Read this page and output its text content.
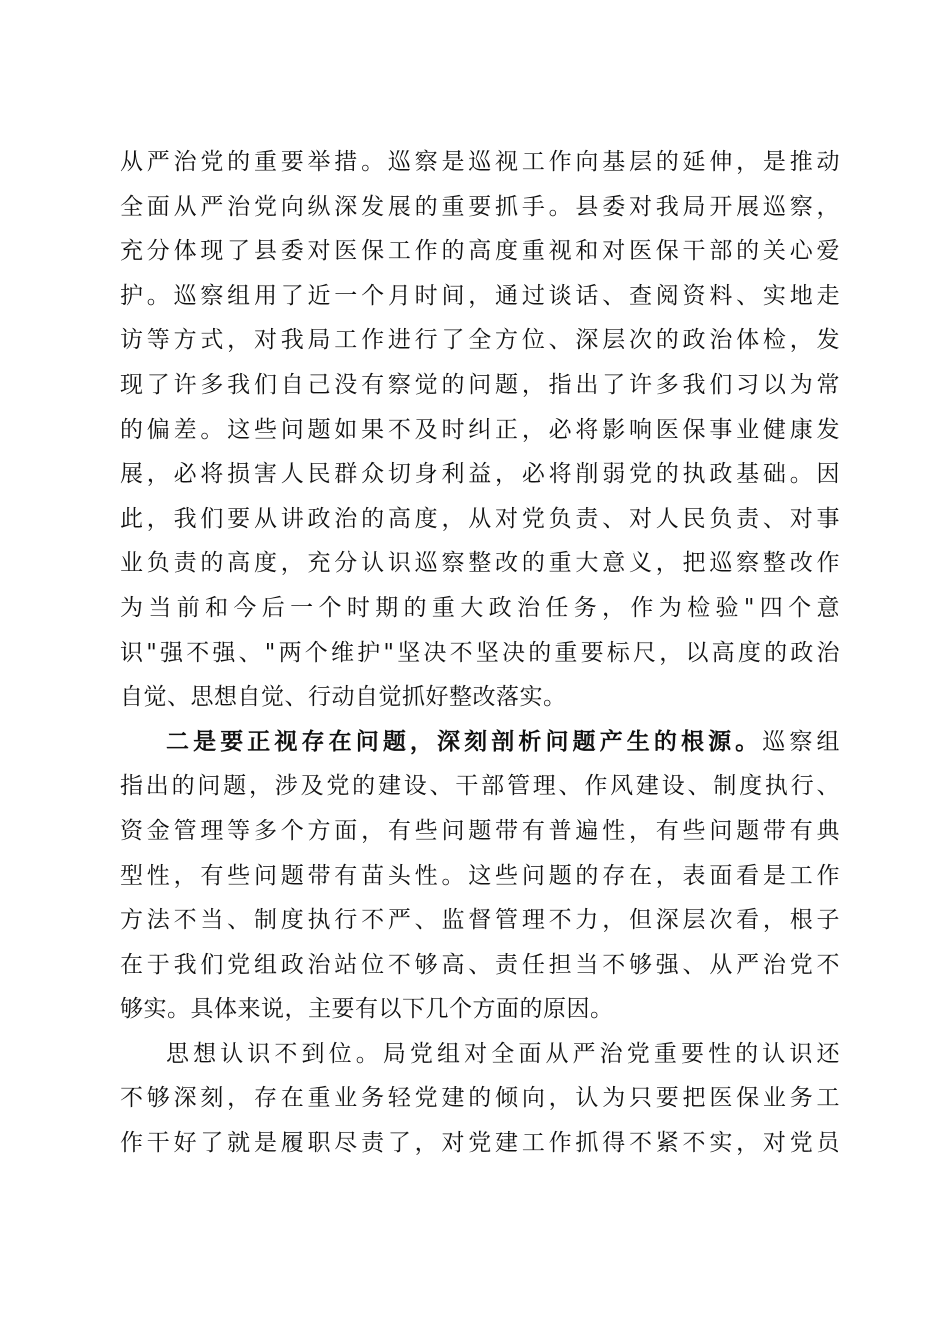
从严治党的重要举措。巡察是巡视工作向基层的延伸，是推动
全面从严治党向纵深发展的重要抓手。县委对我局开展巡察，
充分体现了县委对医保工作的高度重视和对医保干部的关心爱
护。巡察组用了近一个月时间，通过谈话、查阅资料、实地走
访等方式，对我局工作进行了全方位、深层次的政治体检，发
现了许多我们自己没有察觉的问题，指出了许多我们习以为常
的偏差。这些问题如果不及时纠正，必将影响医保事业健康发
展，必将损害人民群众切身利益，必将削弱党的执政基础。因
此，我们要从讲政治的高度，从对党负责、对人民负责、对事
业负责的高度，充分认识巡察整改的重大意义，把巡察整改作
为当前和今后一个时期的重大政治任务，作为检验"四个意
识"强不强、"两个维护"坚决不坚决的重要标尺，以高度的政治
自觉、思想自觉、行动自觉抓好整改落实。
二是要正视存在问题，深刻剖析问题产生的根源。巡察组
指出的问题，涉及党的建设、干部管理、作风建设、制度执行、
资金管理等多个方面，有些问题带有普遍性，有些问题带有典
型性，有些问题带有苗头性。这些问题的存在，表面看是工作
方法不当、制度执行不严、监督管理不力，但深层次看，根子
在于我们党组政治站位不够高、责任担当不够强、从严治党不
够实。具体来说，主要有以下几个方面的原因。
思想认识不到位。局党组对全面从严治党重要性的认识还
不够深刻，存在重业务轻党建的倾向，认为只要把医保业务工
作干好了就是履职尽责了，对党建工作抓得不紧不实，对党员
